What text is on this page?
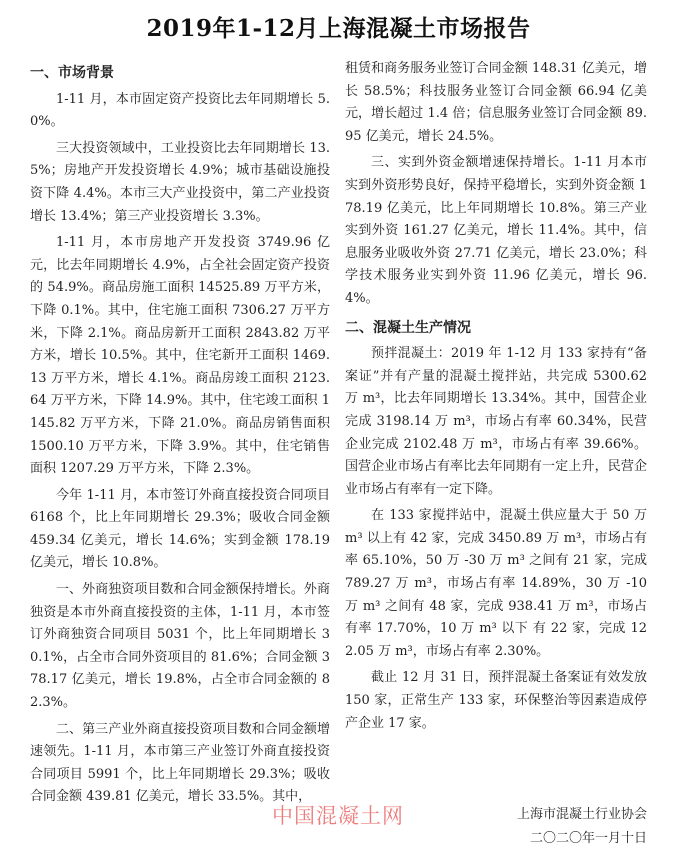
2019年1-12月上海混凝土市场报告
一、市场背景

1-11 月，本市固定资产投资比去年同期增长 5.0%。

三大投资领域中，工业投资比去年同期增长 13.5%；房地产开发投资增长 4.9%；城市基础设施投资下降 4.4%。本市三大产业投资中，第二产业投资增长 13.4%；第三产业投资增长 3.3%。

1-11 月，本市房地产开发投资 3749.96 亿元，比去年同期增长 4.9%，占全社会固定资产投资的 54.9%。商品房施工面积 14525.89 万平方米，下降 0.1%。其中，住宅施工面积 7306.27 万平方米，下降 2.1%。商品房新开工面积 2843.82 万平方米，增长 10.5%。其中，住宅新开工面积 1469.13 万平方米，增长 4.1%。商品房竣工面积 2123.64 万平方米，下降 14.9%。其中，住宅竣工面积 1145.82 万平方米，下降 21.0%。商品房销售面积 1500.10 万平方米，下降 3.9%。其中，住宅销售面积 1207.29 万平方米，下降 2.3%。

今年 1-11 月，本市签订外商直接投资合同项目 6168 个，比上年同期增长 29.3%；吸收合同金额 459.34 亿美元，增长 14.6%；实到金额 178.19 亿美元，增长 10.8%。

一、外商独资项目数和合同金额保持增长。外商独资是本市外商直接投资的主体，1-11 月，本市签订外商独资合同项目 5031 个，比上年同期增长 30.1%，占全市合同外资项目的 81.6%；合同金额 378.17 亿美元，增长 19.8%，占全市合同金额的 82.3%。

二、第三产业外商直接投资项目数和合同金额增速领先。1-11 月，本市第三产业签订外商直接投资合同项目 5991 个，比上年同期增长 29.3%；吸收合同金额 439.81 亿美元，增长 33.5%。其中，

租赁和商务服务业签订合同金额 148.31 亿美元，增长 58.5%；科技服务业签订合同金额 66.94 亿美元，增长超过 1.4 倍；信息服务业签订合同金额 89.95 亿美元，增长 24.5%。

三、实到外资金额增速保持增长。1-11 月本市实到外资形势良好，保持平稳增长，实到外资金额 178.19 亿美元，比上年同期增长 10.8%。第三产业实到外资 161.27 亿美元，增长 11.4%。其中，信息服务业吸收外资 27.71 亿美元，增长 23.0%；科学技术服务业实到外资 11.96 亿美元，增长 96.4%。

二、混凝土生产情况

预拌混凝土：2019 年 1-12 月 133 家持有“备案证”并有产量的混凝土搅拌站，共完成 5300.62 万 m³，比去年同期增长 13.34%。其中，国营企业完成 3198.14 万 m³，市场占有率 60.34%，民营企业完成 2102.48 万 m³，市场占有率 39.66%。国营企业市场占有率比去年同期有一定上升，民营企业市场占有率有一定下降。

在 133 家搅拌站中，混凝土供应量大于 50 万 m³ 以上有 42 家，完成 3450.89 万 m³，市场占有率 65.10%，50 万 -30 万 m³ 之间有 21 家，完成 789.27 万 m³，市场占有率 14.89%，30 万 -10 万 m³ 之间有 48 家，完成 938.41 万 m³，市场占有率 17.70%，10 万 m³ 以下 有 22 家，完成 122.05 万 m³，市场占有率 2.30%。

截止 12 月 31 日，预拌混凝土备案证有效发放 150 家，正常生产 133 家，环保整治等因素造成停产企业 17 家。

中国混凝土网	上海市混凝土行业协会
二〇二〇年一月十日
